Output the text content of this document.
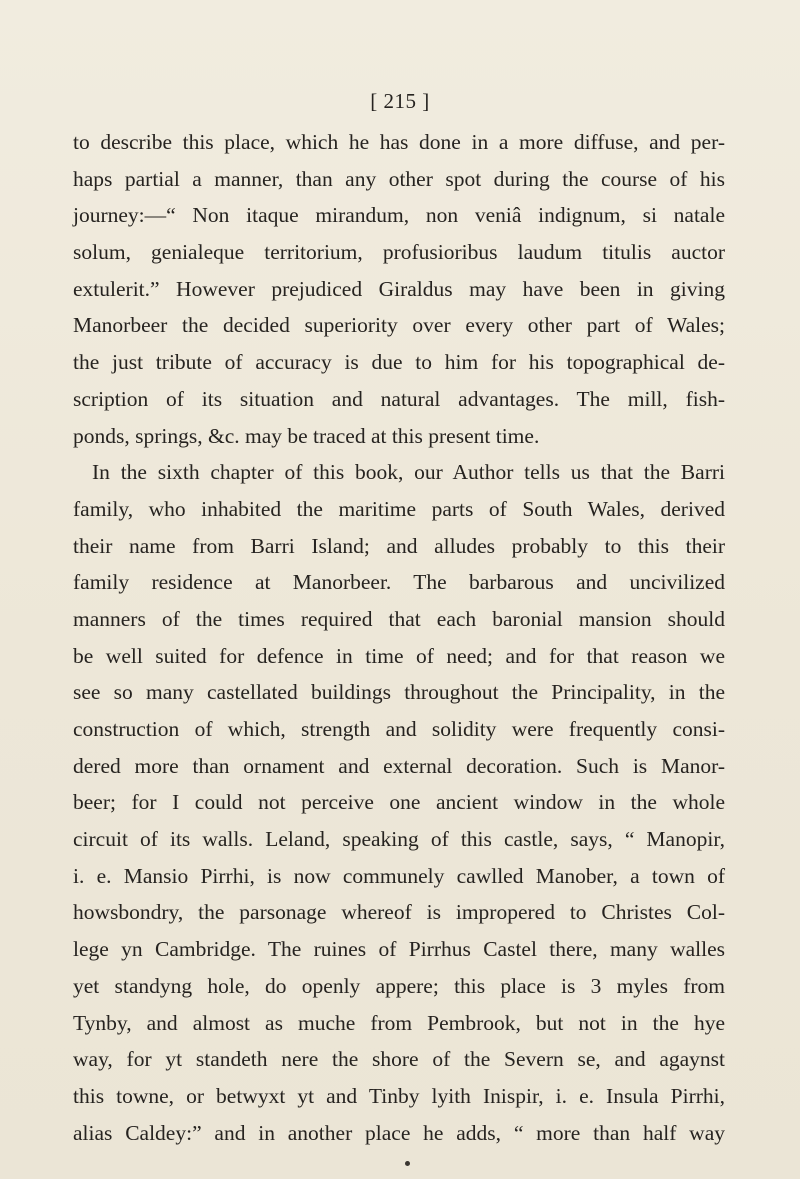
[ 215 ]
to describe this place, which he has done in a more diffuse, and per-
haps partial a manner, than any other spot during the course of his
journey:—“ Non itaque mirandum, non veniâ indignum, si natale
solum, genialeque territorium, profusioribus laudum titulis auctor
extulerit.” However prejudiced Giraldus may have been in giving
Manorbeer the decided superiority over every other part of Wales;
the just tribute of accuracy is due to him for his topographical de-
scription of its situation and natural advantages. The mill, fish-
ponds, springs, &c. may be traced at this present time.
In the sixth chapter of this book, our Author tells us that the Barri
family, who inhabited the maritime parts of South Wales, derived
their name from Barri Island; and alludes probably to this their
family residence at Manorbeer. The barbarous and uncivilized
manners of the times required that each baronial mansion should
be well suited for defence in time of need; and for that reason we
see so many castellated buildings throughout the Principality, in the
construction of which, strength and solidity were frequently consi-
dered more than ornament and external decoration. Such is Manor-
beer; for I could not perceive one ancient window in the whole
circuit of its walls. Leland, speaking of this castle, says, “ Manopir,
i. e. Mansio Pirrhi, is now communely cawlled Manober, a town of
howsbondry, the parsonage whereof is impropered to Christes Col-
lege yn Cambridge. The ruines of Pirrhus Castel there, many walles
yet standyng hole, do openly appere; this place is 3 myles from
Tynby, and almost as muche from Pembrook, but not in the hye
way, for yt standeth nere the shore of the Severn se, and agaynst
this towne, or betwyxt yt and Tinby lyith Inispir, i. e. Insula Pirrhi,
alias Caldey:” and in another place he adds, “ more than half way
